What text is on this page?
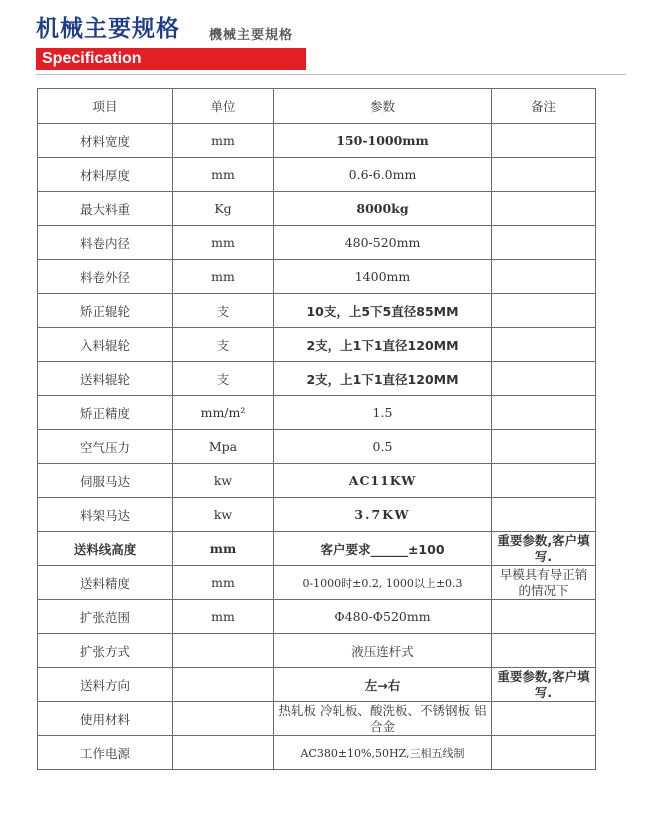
机械主要规格 機械主要規格
Specification
项目	单位	参数	备注
材料宽度	mm	150-1000mm	
材料厚度	mm	0.6-6.0mm	
最大料重	Kg	8000kg	
料卷内径	mm	480-520mm	
料卷外径	mm	1400mm	
矫正辊轮	支	10支，上5下5直径85MM	
入料辊轮	支	2支，上1下1直径120MM	
送料辊轮	支	2支，上1下1直径120MM	
矫正精度	mm/m²	1.5	
空气压力	Mpa	0.5	
伺服马达	kw	AC11KW	
料架马达	kw	3.7KW	
送料线高度	mm	客户要求______±100	重要参数,客户填写.
送料精度	mm	0-1000时±0.2, 1000以上±0.3	早模具有导正销的情况下
扩张范围	mm	Φ480-Φ520mm	
扩张方式		液压连杆式	
送料方向		左→右	重要参数,客户填写.
使用材料		热轧板 冷轧板、酸洗板、不锈钢板 铝合金	
工作电源		AC380±10%,50HZ,三相五线制	
